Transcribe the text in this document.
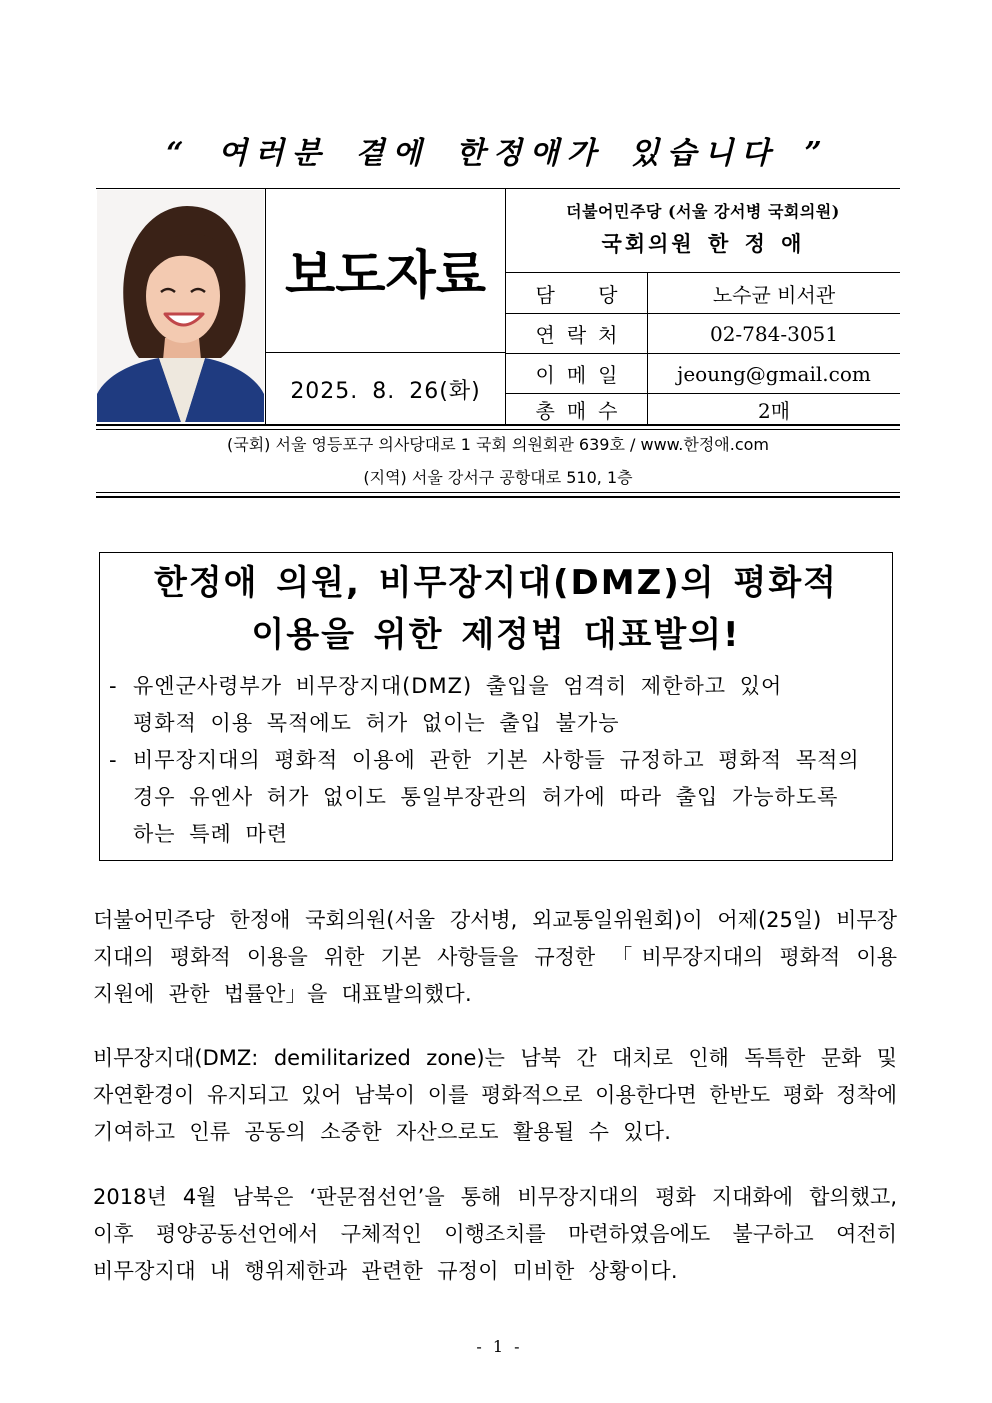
“ 여러분 곁에 한정애가 있습니다 ”
보도자료
2025. 8. 26(화)
더불어민주당 (서울 강서병 국회의원)
국회의원 한 정 애
담 당	노수균 비서관
연 락 처	02-784-3051
이 메 일	jeoung@gmail.com
총 매 수	2매
(국회) 서울 영등포구 의사당대로 1 국회 의원회관 639호 / www.한정애.com
(지역) 서울 강서구 공항대로 510, 1층
한정애 의원, 비무장지대(DMZ)의 평화적
이용을 위한 제정법 대표발의!
- 유엔군사령부가 비무장지대(DMZ) 출입을 엄격히 제한하고 있어
평화적 이용 목적에도 허가 없이는 출입 불가능
- 비무장지대의 평화적 이용에 관한 기본 사항들 규정하고 평화적 목적의
경우 유엔사 허가 없이도 통일부장관의 허가에 따라 출입 가능하도록
하는 특례 마련
더불어민주당 한정애 국회의원(서울 강서병, 외교통일위원회)이 어제(25일) 비무장
지대의 평화적 이용을 위한 기본 사항들을 규정한 「비무장지대의 평화적 이용
지원에 관한 법률안」을 대표발의했다.
비무장지대(DMZ: demilitarized zone)는 남북 간 대치로 인해 독특한 문화 및
자연환경이 유지되고 있어 남북이 이를 평화적으로 이용한다면 한반도 평화 정착에
기여하고 인류 공동의 소중한 자산으로도 활용될 수 있다.
2018년 4월 남북은 ‘판문점선언’을 통해 비무장지대의 평화 지대화에 합의했고,
이후 평양공동선언에서 구체적인 이행조치를 마련하였음에도 불구하고 여전히
비무장지대 내 행위제한과 관련한 규정이 미비한 상황이다.
- 1 -
